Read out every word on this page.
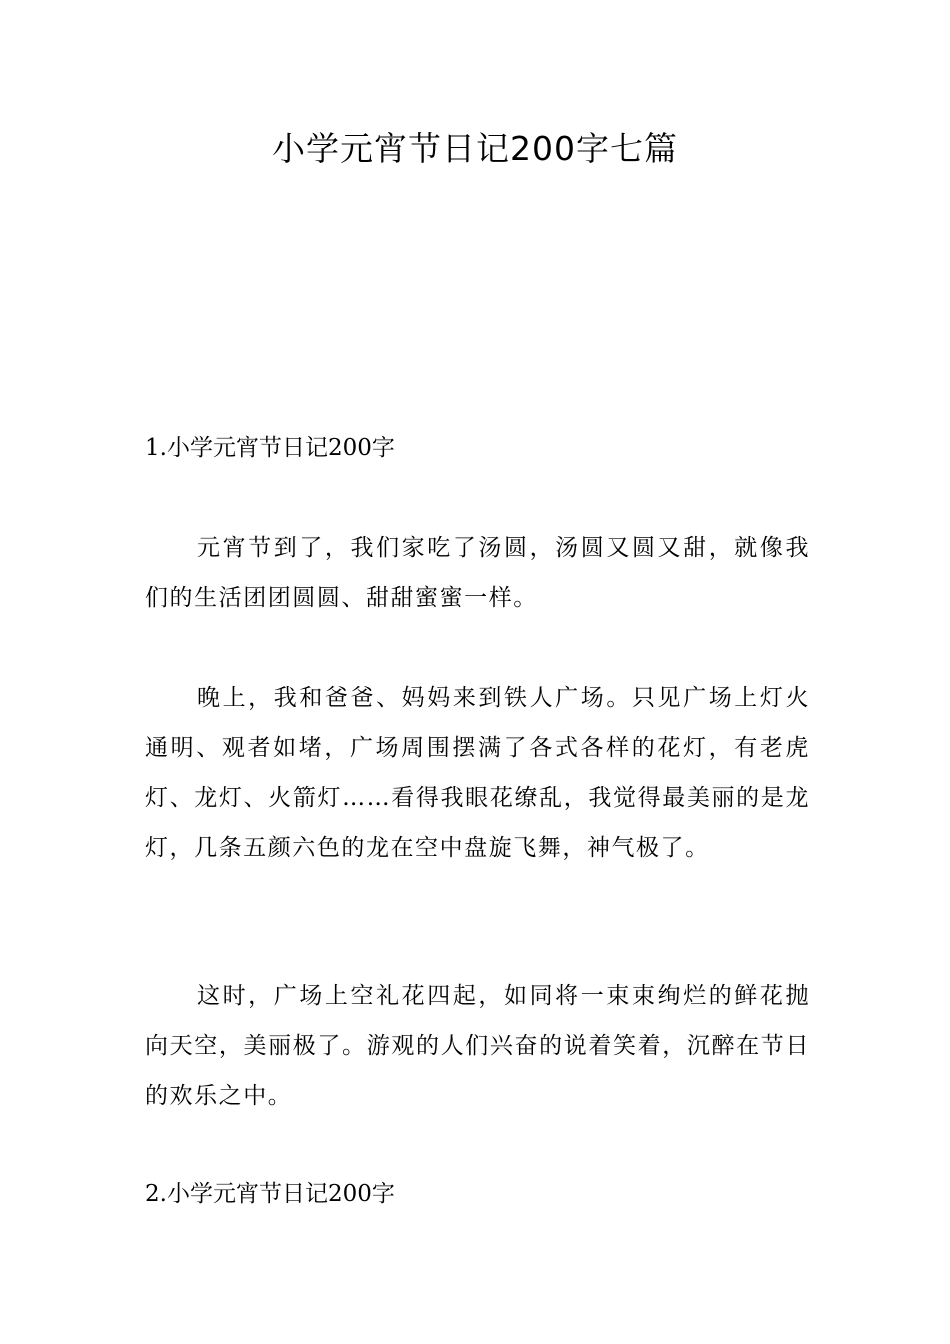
小学元宵节日记200字七篇
1.小学元宵节日记200字

元宵节到了，我们家吃了汤圆，汤圆又圆又甜，就像我们的生活团团圆圆、甜甜蜜蜜一样。

晚上，我和爸爸、妈妈来到铁人广场。只见广场上灯火通明、观者如堵，广场周围摆满了各式各样的花灯，有老虎灯、龙灯、火箭灯……看得我眼花缭乱，我觉得最美丽的是龙灯，几条五颜六色的龙在空中盘旋飞舞，神气极了。

这时，广场上空礼花四起，如同将一束束绚烂的鲜花抛向天空，美丽极了。游观的人们兴奋的说着笑着，沉醉在节日的欢乐之中。

2.小学元宵节日记200字
